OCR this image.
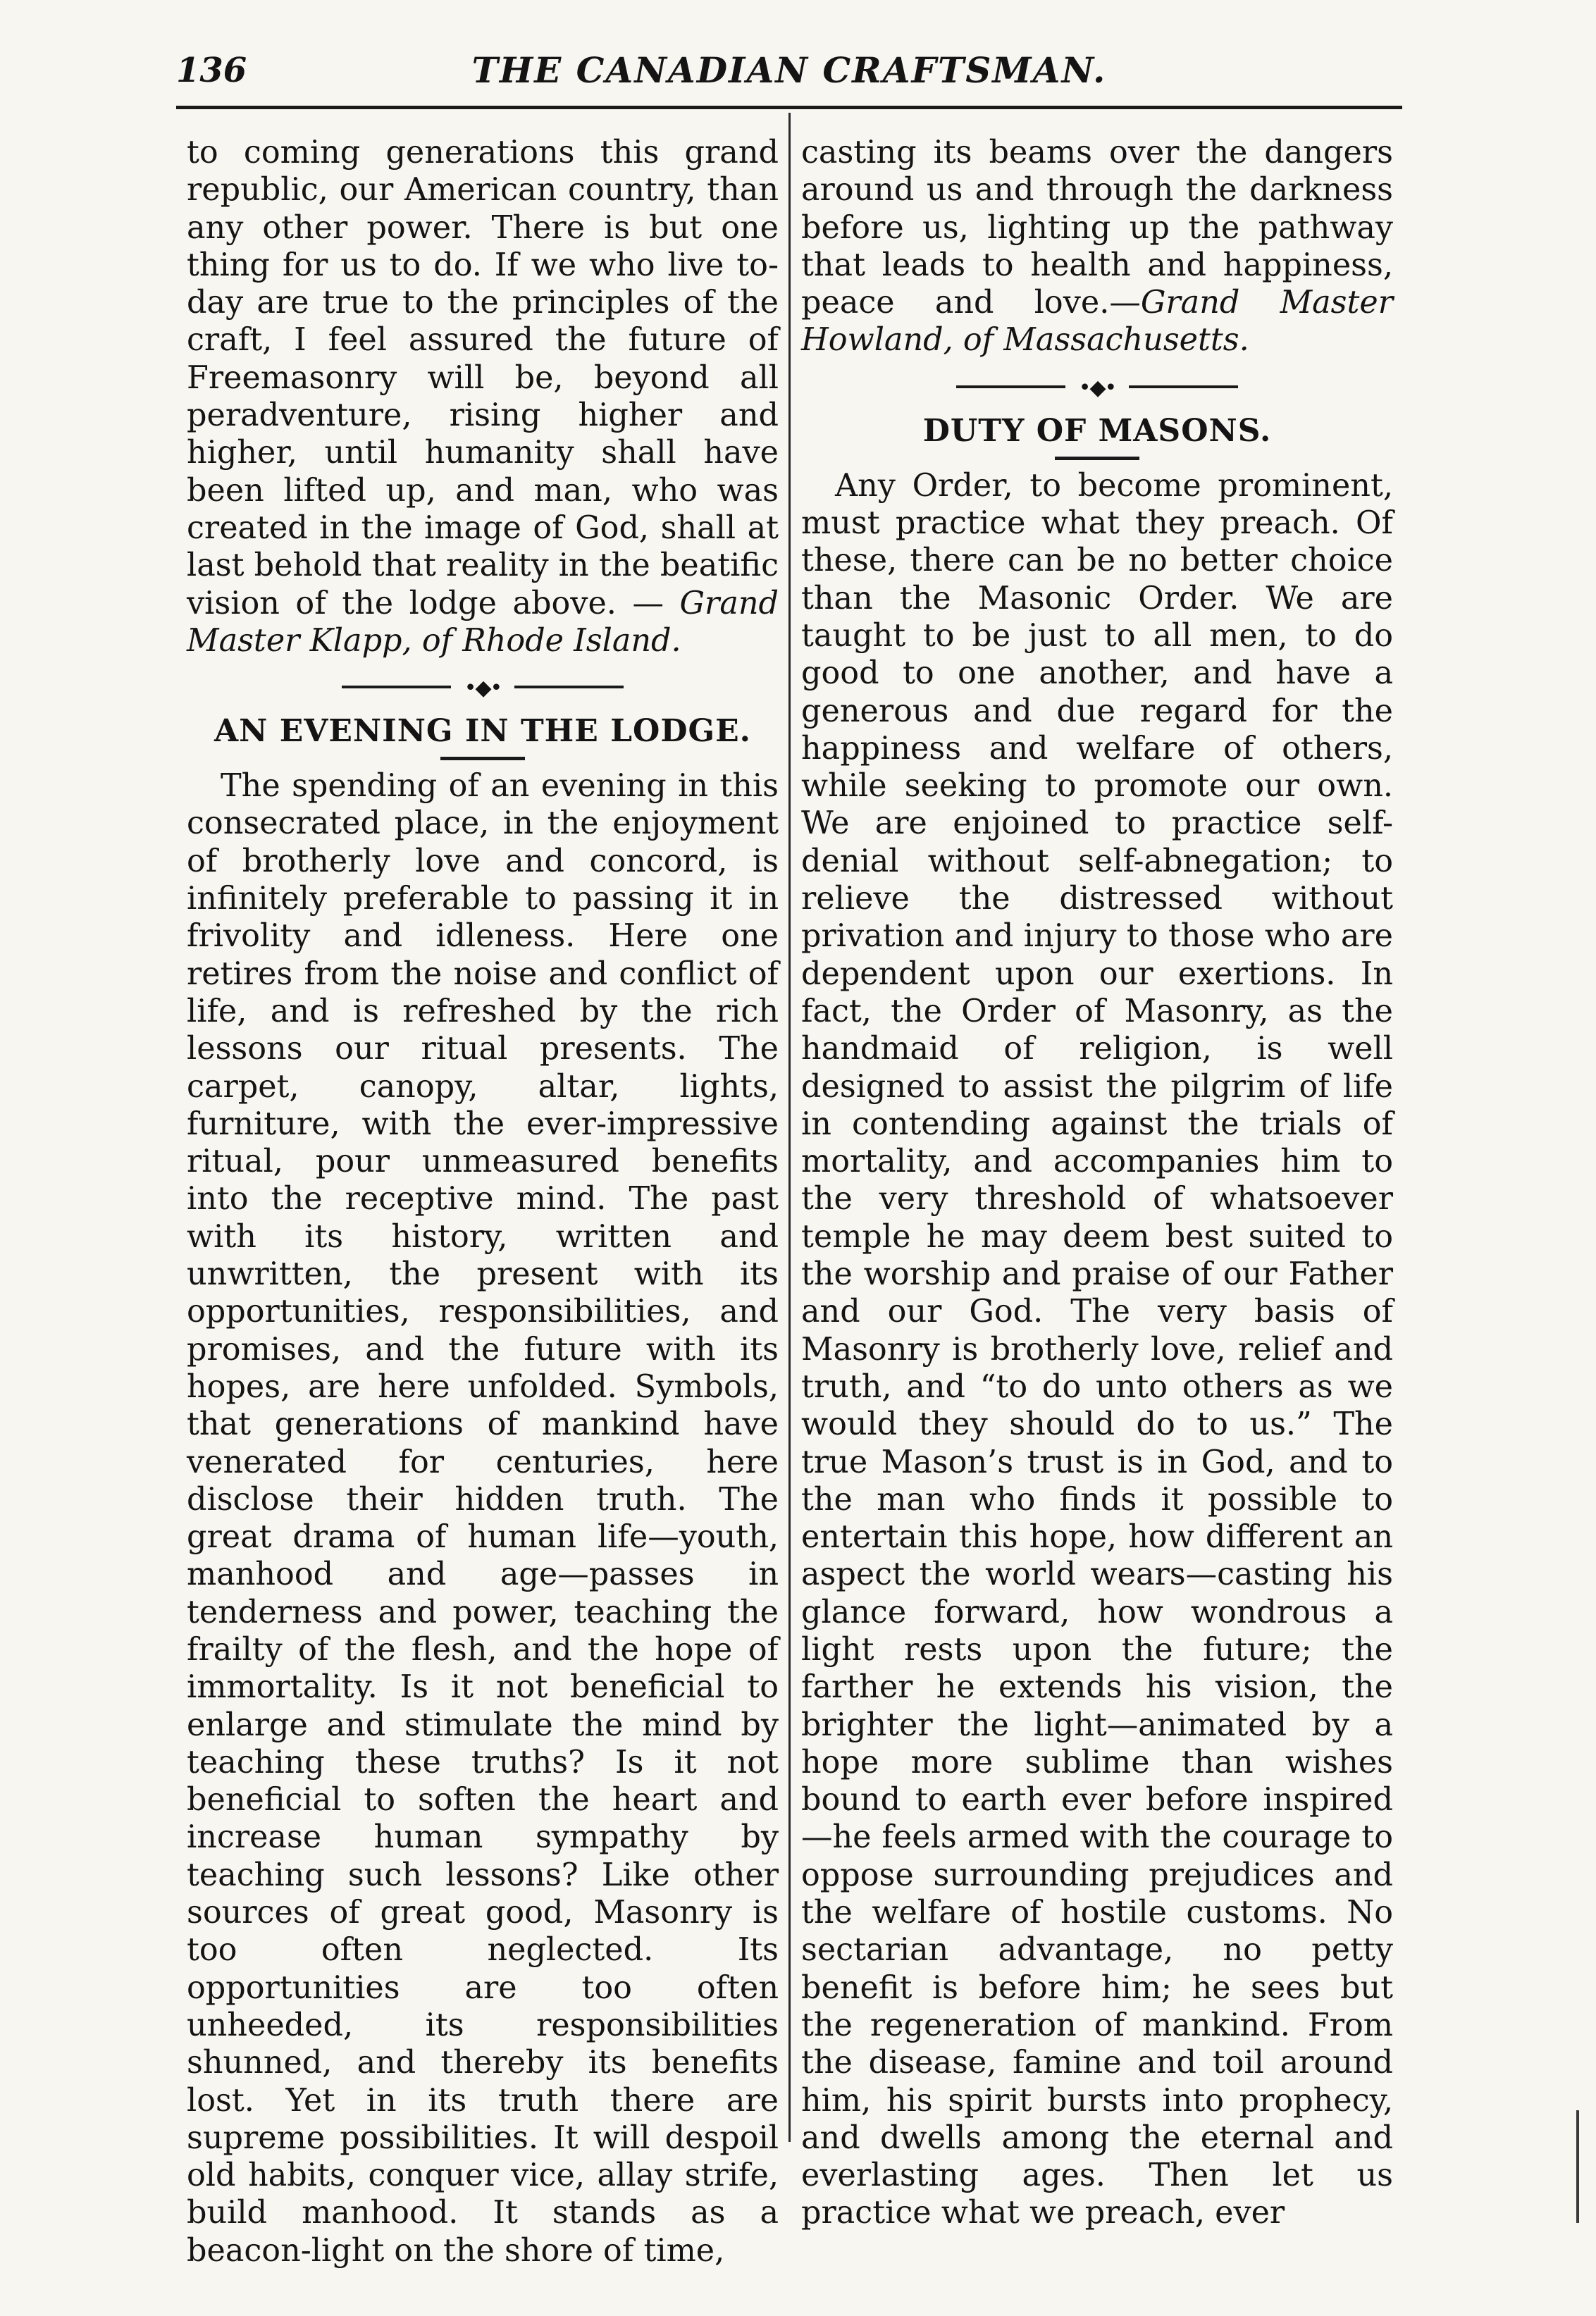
136	THE CANADIAN CRAFTSMAN.

to coming generations this grand republic, our American country, than any other power. There is but one thing for us to do. If we who live to-day are true to the principles of the craft, I feel assured the future of Freemasonry will be, beyond all peradventure, rising higher and higher, until humanity shall have been lifted up, and man, who was created in the image of God, shall at last behold that reality in the beatific vision of the lodge above. — Grand Master Klapp, of Rhode Island.

•◆•
AN EVENING IN THE LODGE.

The spending of an evening in this consecrated place, in the enjoyment of brotherly love and concord, is infinitely preferable to passing it in frivolity and idleness. Here one retires from the noise and conflict of life, and is refreshed by the rich lessons our ritual presents. The carpet, canopy, altar, lights, furniture, with the ever-impressive ritual, pour unmeasured benefits into the receptive mind. The past with its history, written and unwritten, the present with its opportunities, responsibilities, and promises, and the future with its hopes, are here unfolded. Symbols, that generations of mankind have venerated for centuries, here disclose their hidden truth. The great drama of human life—youth, manhood and age—passes in tenderness and power, teaching the frailty of the flesh, and the hope of immortality. Is it not beneficial to enlarge and stimulate the mind by teaching these truths? Is it not beneficial to soften the heart and increase human sympathy by teaching such lessons? Like other sources of great good, Masonry is too often neglected. Its opportunities are too often unheeded, its responsibilities shunned, and thereby its benefits lost. Yet in its truth there are supreme possibilities. It will despoil old habits, conquer vice, allay strife, build manhood. It stands as a beacon-light on the shore of time,

casting its beams over the dangers around us and through the darkness before us, lighting up the pathway that leads to health and happiness, peace and love.—Grand Master Howland, of Massachusetts.

•◆•
DUTY OF MASONS.

Any Order, to become prominent, must practice what they preach. Of these, there can be no better choice than the Masonic Order. We are taught to be just to all men, to do good to one another, and have a generous and due regard for the happiness and welfare of others, while seeking to promote our own. We are enjoined to practice self-denial without self-abnegation; to relieve the distressed without privation and injury to those who are dependent upon our exertions. In fact, the Order of Masonry, as the handmaid of religion, is well designed to assist the pilgrim of life in contending against the trials of mortality, and accompanies him to the very threshold of whatsoever temple he may deem best suited to the worship and praise of our Father and our God. The very basis of Masonry is brotherly love, relief and truth, and “to do unto others as we would they should do to us.” The true Mason’s trust is in God, and to the man who finds it possible to entertain this hope, how different an aspect the world wears—casting his glance forward, how wondrous a light rests upon the future; the farther he extends his vision, the brighter the light—animated by a hope more sublime than wishes bound to earth ever before inspired—he feels armed with the courage to oppose surrounding prejudices and the welfare of hostile customs. No sectarian advantage, no petty benefit is before him; he sees but the regeneration of mankind. From the disease, famine and toil around him, his spirit bursts into prophecy, and dwells among the eternal and everlasting ages. Then let us practice what we preach, ever
